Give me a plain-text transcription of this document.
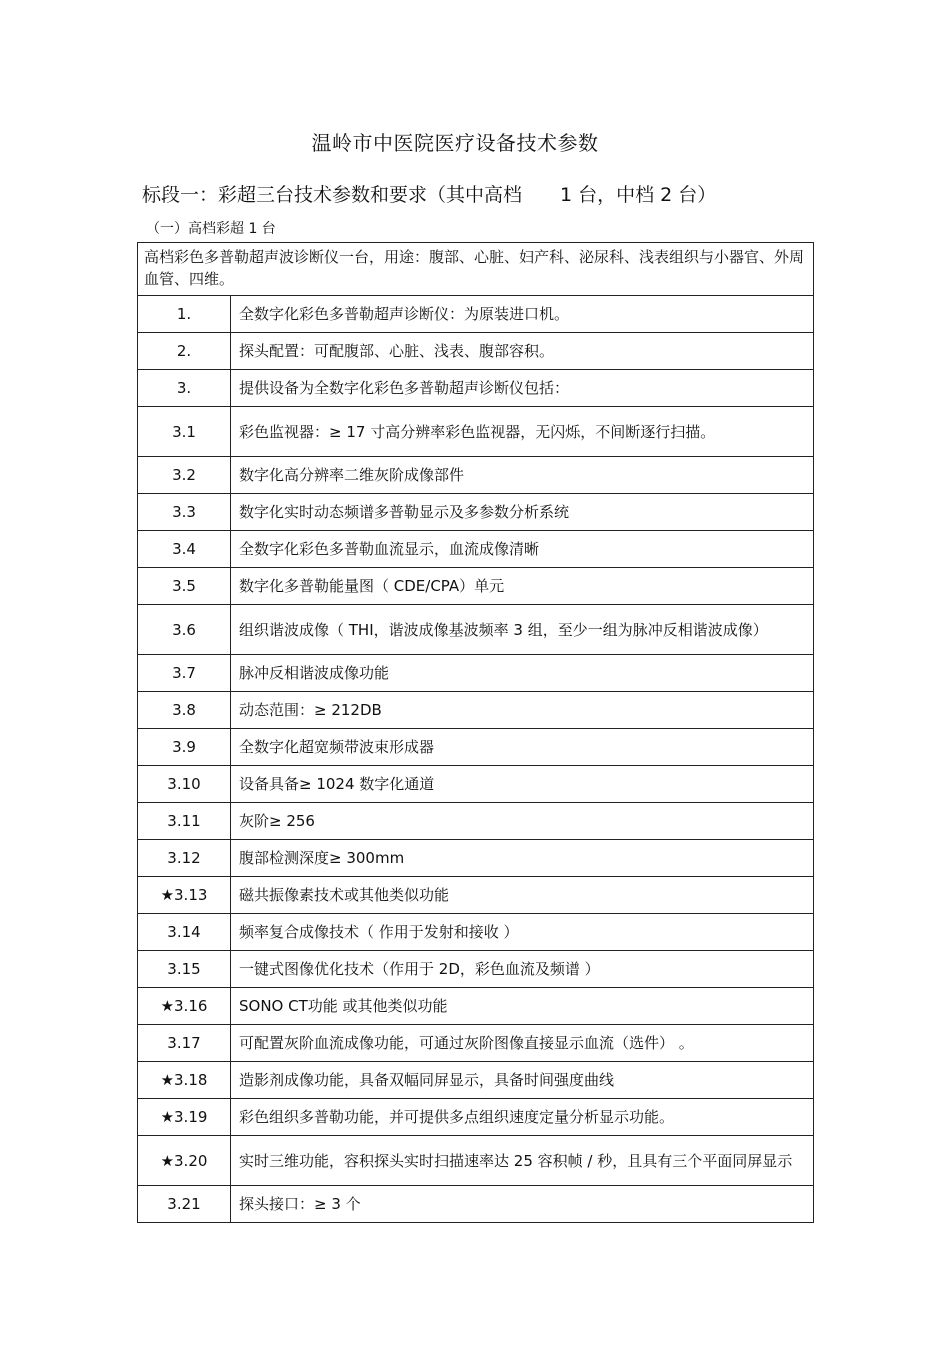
温岭市中医院医疗设备技术参数
标段一：彩超三台技术参数和要求（其中高档　　1 台，中档 2 台）
（一）高档彩超 1 台
高档彩色多普勒超声波诊断仪一台，用途：腹部、心脏、妇产科、泌尿科、浅表组织与小器官、外周血管、四维。	
1.	全数字化彩色多普勒超声诊断仪：为原装进口机。
2.	探头配置：可配腹部、心脏、浅表、腹部容积。
3.	提供设备为全数字化彩色多普勒超声诊断仪包括：
3.1	彩色监视器：≥ 17 寸高分辨率彩色监视器，无闪烁，不间断逐行扫描。
3.2	数字化高分辨率二维灰阶成像部件
3.3	数字化实时动态频谱多普勒显示及多参数分析系统
3.4	全数字化彩色多普勒血流显示，血流成像清晰
3.5	数字化多普勒能量图（ CDE/CPA）单元
3.6	组织谐波成像（ THI，谐波成像基波频率 3 组，至少一组为脉冲反相谐波成像）
3.7	脉冲反相谐波成像功能
3.8	动态范围：≥ 212DB
3.9	全数字化超宽频带波束形成器
3.10	设备具备≥ 1024 数字化通道
3.11	灰阶≥ 256
3.12	腹部检测深度≥ 300mm
★3.13	磁共振像素技术或其他类似功能
3.14	频率复合成像技术（ 作用于发射和接收 ）
3.15	一键式图像优化技术（作用于 2D，彩色血流及频谱 ）
★3.16	SONO CT功能 或其他类似功能
3.17	可配置灰阶血流成像功能，可通过灰阶图像直接显示血流（选件） 。
★3.18	造影剂成像功能，具备双幅同屏显示，具备时间强度曲线
★3.19	彩色组织多普勒功能，并可提供多点组织速度定量分析显示功能。
★3.20	实时三维功能，容积探头实时扫描速率达 25 容积帧 / 秒，且具有三个平面同屏显示
3.21	探头接口：≥ 3 个
